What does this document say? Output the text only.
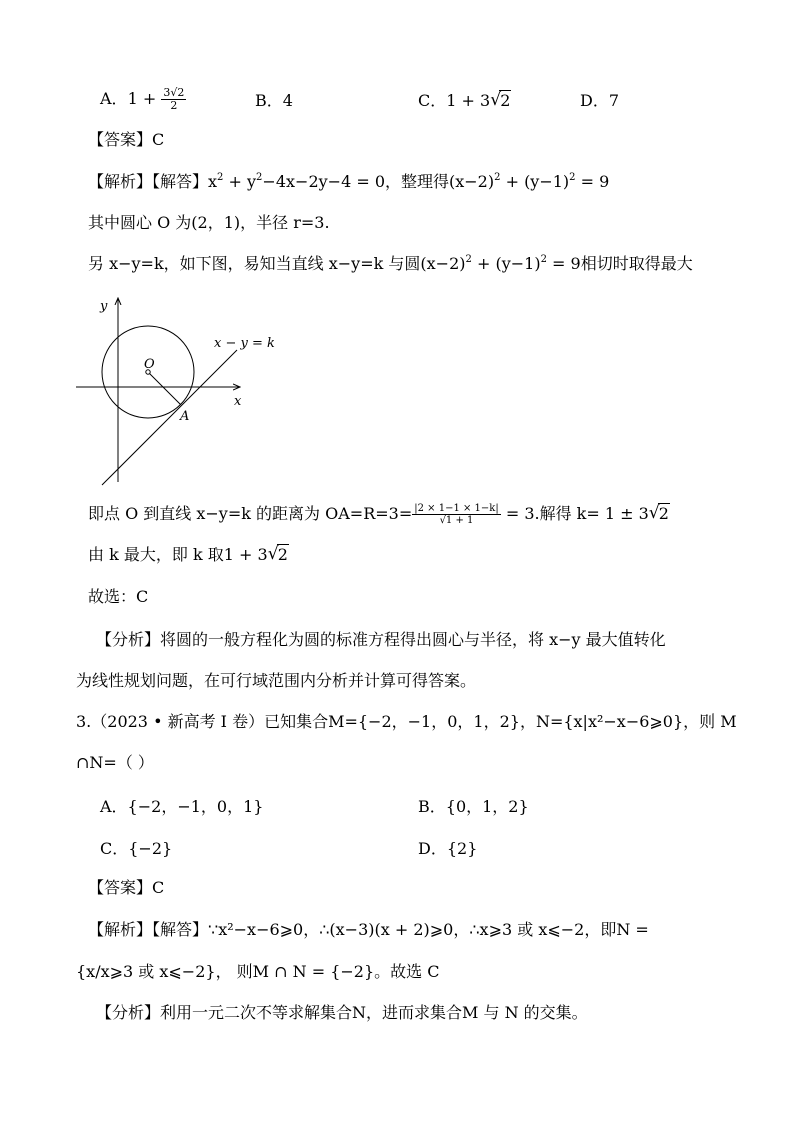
A．$1 + \frac{3√2}{2}$	B．4	C．1 + 3 √ 2	D．7
【答案】C
【解析】【解答】$x^2 + y^2-4x-2y-4 = 0$，整理得$(x-2)^2 + (y-1)^2 = 9$
其中圆心 O 为(2，1)，半径 r=3.
另 x−y=k，如下图，易知当直线 x−y=k 与圆$(x-2)^2 + (y-1)^2 = 9$相切时取得最大
y
x
O
A
x − y = k
即点 O 到直线 x−y=k 的距离为 $OA=R=3= \frac{|2 \times 1-1 \times 1-k|}{√1 + 1} = 3$.解得 k= 1 ± 3 √ 2
由 k 最大，即 k 取1 + 3 √ 2
故选：C
【分析】将圆的一般方程化为圆的标准方程得出圆心与半径，将 x−y 最大值转化
为线性规划问题，在可行域范围内分析并计算可得答案。
3.（2023 • 新高考 I 卷）已知集合M={−2，−1，0，1，2}，N={x|x²−x−6⩾0}，则 M
∩N=（ ）
A．{−2，−1，0，1}	B．{0，1，2}
C．{−2}	D．{2}
【答案】C
【解析】【解答】∵x²−x−6⩾0，∴(x−3)(x + 2)⩾0，∴x⩾3 或 x⩽−2，即N =
{x/x⩾3 或 x⩽−2}， 则M ∩ N = {−2}。故选 C
【分析】利用一元二次不等求解集合N，进而求集合M 与 N 的交集。
